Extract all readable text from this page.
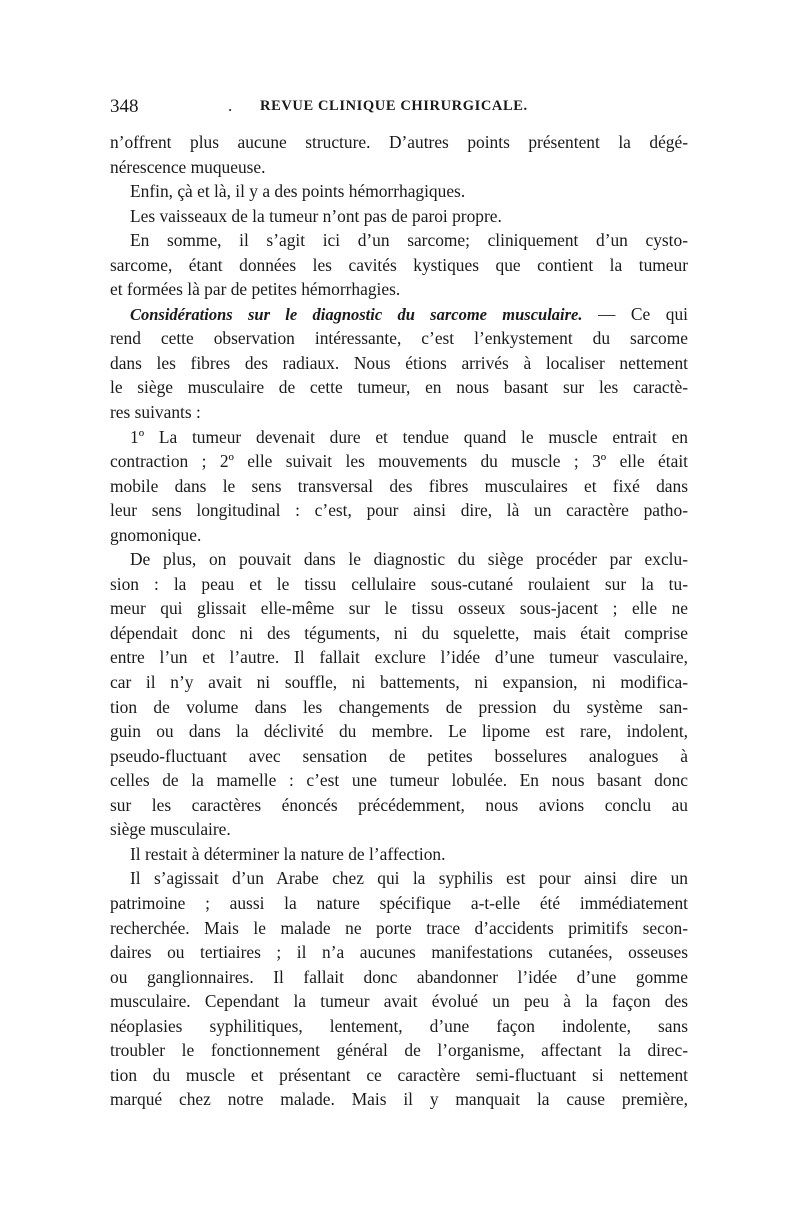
348	. REVUE CLINIQUE CHIRURGICALE.
n’offrent plus aucune structure. D’autres points présentent la dégé-
nérescence muqueuse.
Enfin, çà et là, il y a des points hémorrhagiques.
Les vaisseaux de la tumeur n’ont pas de paroi propre.
En somme, il s’agit ici d’un sarcome; cliniquement d’un cysto-
sarcome, étant données les cavités kystiques que contient la tumeur
et formées là par de petites hémorrhagies.
Considérations sur le diagnostic du sarcome musculaire. — Ce qui
rend cette observation intéressante, c’est l’enkystement du sarcome
dans les fibres des radiaux. Nous étions arrivés à localiser nettement
le siège musculaire de cette tumeur, en nous basant sur les caractè-
res suivants :
1º La tumeur devenait dure et tendue quand le muscle entrait en
contraction ; 2º elle suivait les mouvements du muscle ; 3º elle était
mobile dans le sens transversal des fibres musculaires et fixé dans
leur sens longitudinal : c’est, pour ainsi dire, là un caractère patho-
gnomonique.
De plus, on pouvait dans le diagnostic du siège procéder par exclu-
sion : la peau et le tissu cellulaire sous-cutané roulaient sur la tu-
meur qui glissait elle-même sur le tissu osseux sous-jacent ; elle ne
dépendait donc ni des téguments, ni du squelette, mais était comprise
entre l’un et l’autre. Il fallait exclure l’idée d’une tumeur vasculaire,
car il n’y avait ni souffle, ni battements, ni expansion, ni modifica-
tion de volume dans les changements de pression du système san-
guin ou dans la déclivité du membre. Le lipome est rare, indolent,
pseudo-fluctuant avec sensation de petites bosselures analogues à
celles de la mamelle : c’est une tumeur lobulée. En nous basant donc
sur les caractères énoncés précédemment, nous avions conclu au
siège musculaire.
Il restait à déterminer la nature de l’affection.
Il s’agissait d’un Arabe chez qui la syphilis est pour ainsi dire un
patrimoine ; aussi la nature spécifique a-t-elle été immédiatement
recherchée. Mais le malade ne porte trace d’accidents primitifs secon-
daires ou tertiaires ; il n’a aucunes manifestations cutanées, osseuses
ou ganglionnaires. Il fallait donc abandonner l’idée d’une gomme
musculaire. Cependant la tumeur avait évolué un peu à la façon des
néoplasies syphilitiques, lentement, d’une façon indolente, sans
troubler le fonctionnement général de l’organisme, affectant la direc-
tion du muscle et présentant ce caractère semi-fluctuant si nettement
marqué chez notre malade. Mais il y manquait la cause première,
